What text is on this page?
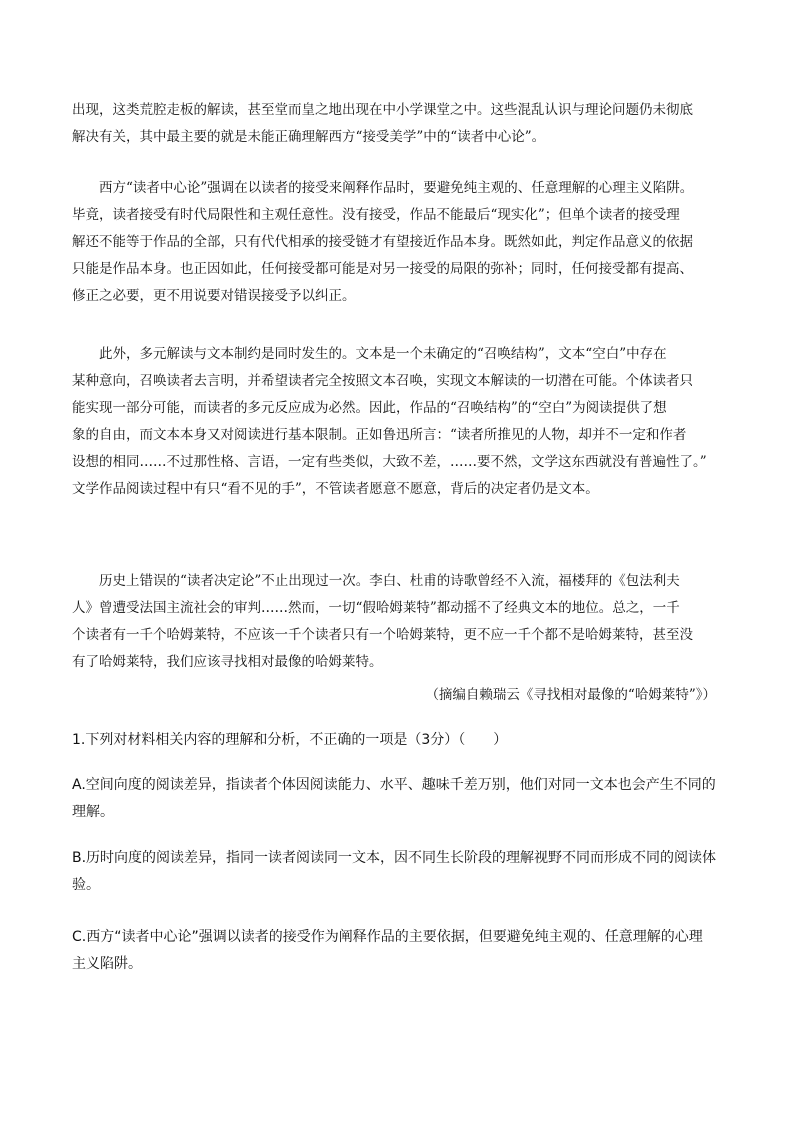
出现，这类荒腔走板的解读，甚至堂而皇之地出现在中小学课堂之中。这些混乱认识与理论问题仍未彻底
解决有关，其中最主要的就是未能正确理解西方“接受美学”中的“读者中心论”。

西方“读者中心论”强调在以读者的接受来阐释作品时，要避免纯主观的、任意理解的心理主义陷阱。
毕竟，读者接受有时代局限性和主观任意性。没有接受，作品不能最后“现实化”；但单个读者的接受理
解还不能等于作品的全部，只有代代相承的接受链才有望接近作品本身。既然如此，判定作品意义的依据
只能是作品本身。也正因如此，任何接受都可能是对另一接受的局限的弥补；同时，任何接受都有提高、
修正之必要，更不用说要对错误接受予以纠正。

此外，多元解读与文本制约是同时发生的。文本是一个未确定的“召唤结构”，文本“空白”中存在
某种意向，召唤读者去言明，并希望读者完全按照文本召唤，实现文本解读的一切潜在可能。个体读者只
能实现一部分可能，而读者的多元反应成为必然。因此，作品的“召唤结构”的“空白”为阅读提供了想
象的自由，而文本本身又对阅读进行基本限制。正如鲁迅所言：“读者所推见的人物，却并不一定和作者
设想的相同……不过那性格、言语，一定有些类似，大致不差，……要不然，文学这东西就没有普遍性了。”
文学作品阅读过程中有只“看不见的手”，不管读者愿意不愿意，背后的决定者仍是文本。

历史上错误的“读者决定论”不止出现过一次。李白、杜甫的诗歌曾经不入流，福楼拜的《包法利夫
人》曾遭受法国主流社会的审判……然而，一切“假哈姆莱特”都动摇不了经典文本的地位。总之，一千
个读者有一千个哈姆莱特，不应该一千个读者只有一个哈姆莱特，更不应一千个都不是哈姆莱特，甚至没
有了哈姆莱特，我们应该寻找相对最像的哈姆莱特。

（摘编自赖瑞云《寻找相对最像的“哈姆莱特”》）

1.下列对材料相关内容的理解和分析，不正确的一项是（3分）（　　）

A.空间向度的阅读差异，指读者个体因阅读能力、水平、趣味千差万别，他们对同一文本也会产生不同的
理解。

B.历时向度的阅读差异，指同一读者阅读同一文本，因不同生长阶段的理解视野不同而形成不同的阅读体
验。

C.西方“读者中心论”强调以读者的接受作为阐释作品的主要依据，但要避免纯主观的、任意理解的心理
主义陷阱。
